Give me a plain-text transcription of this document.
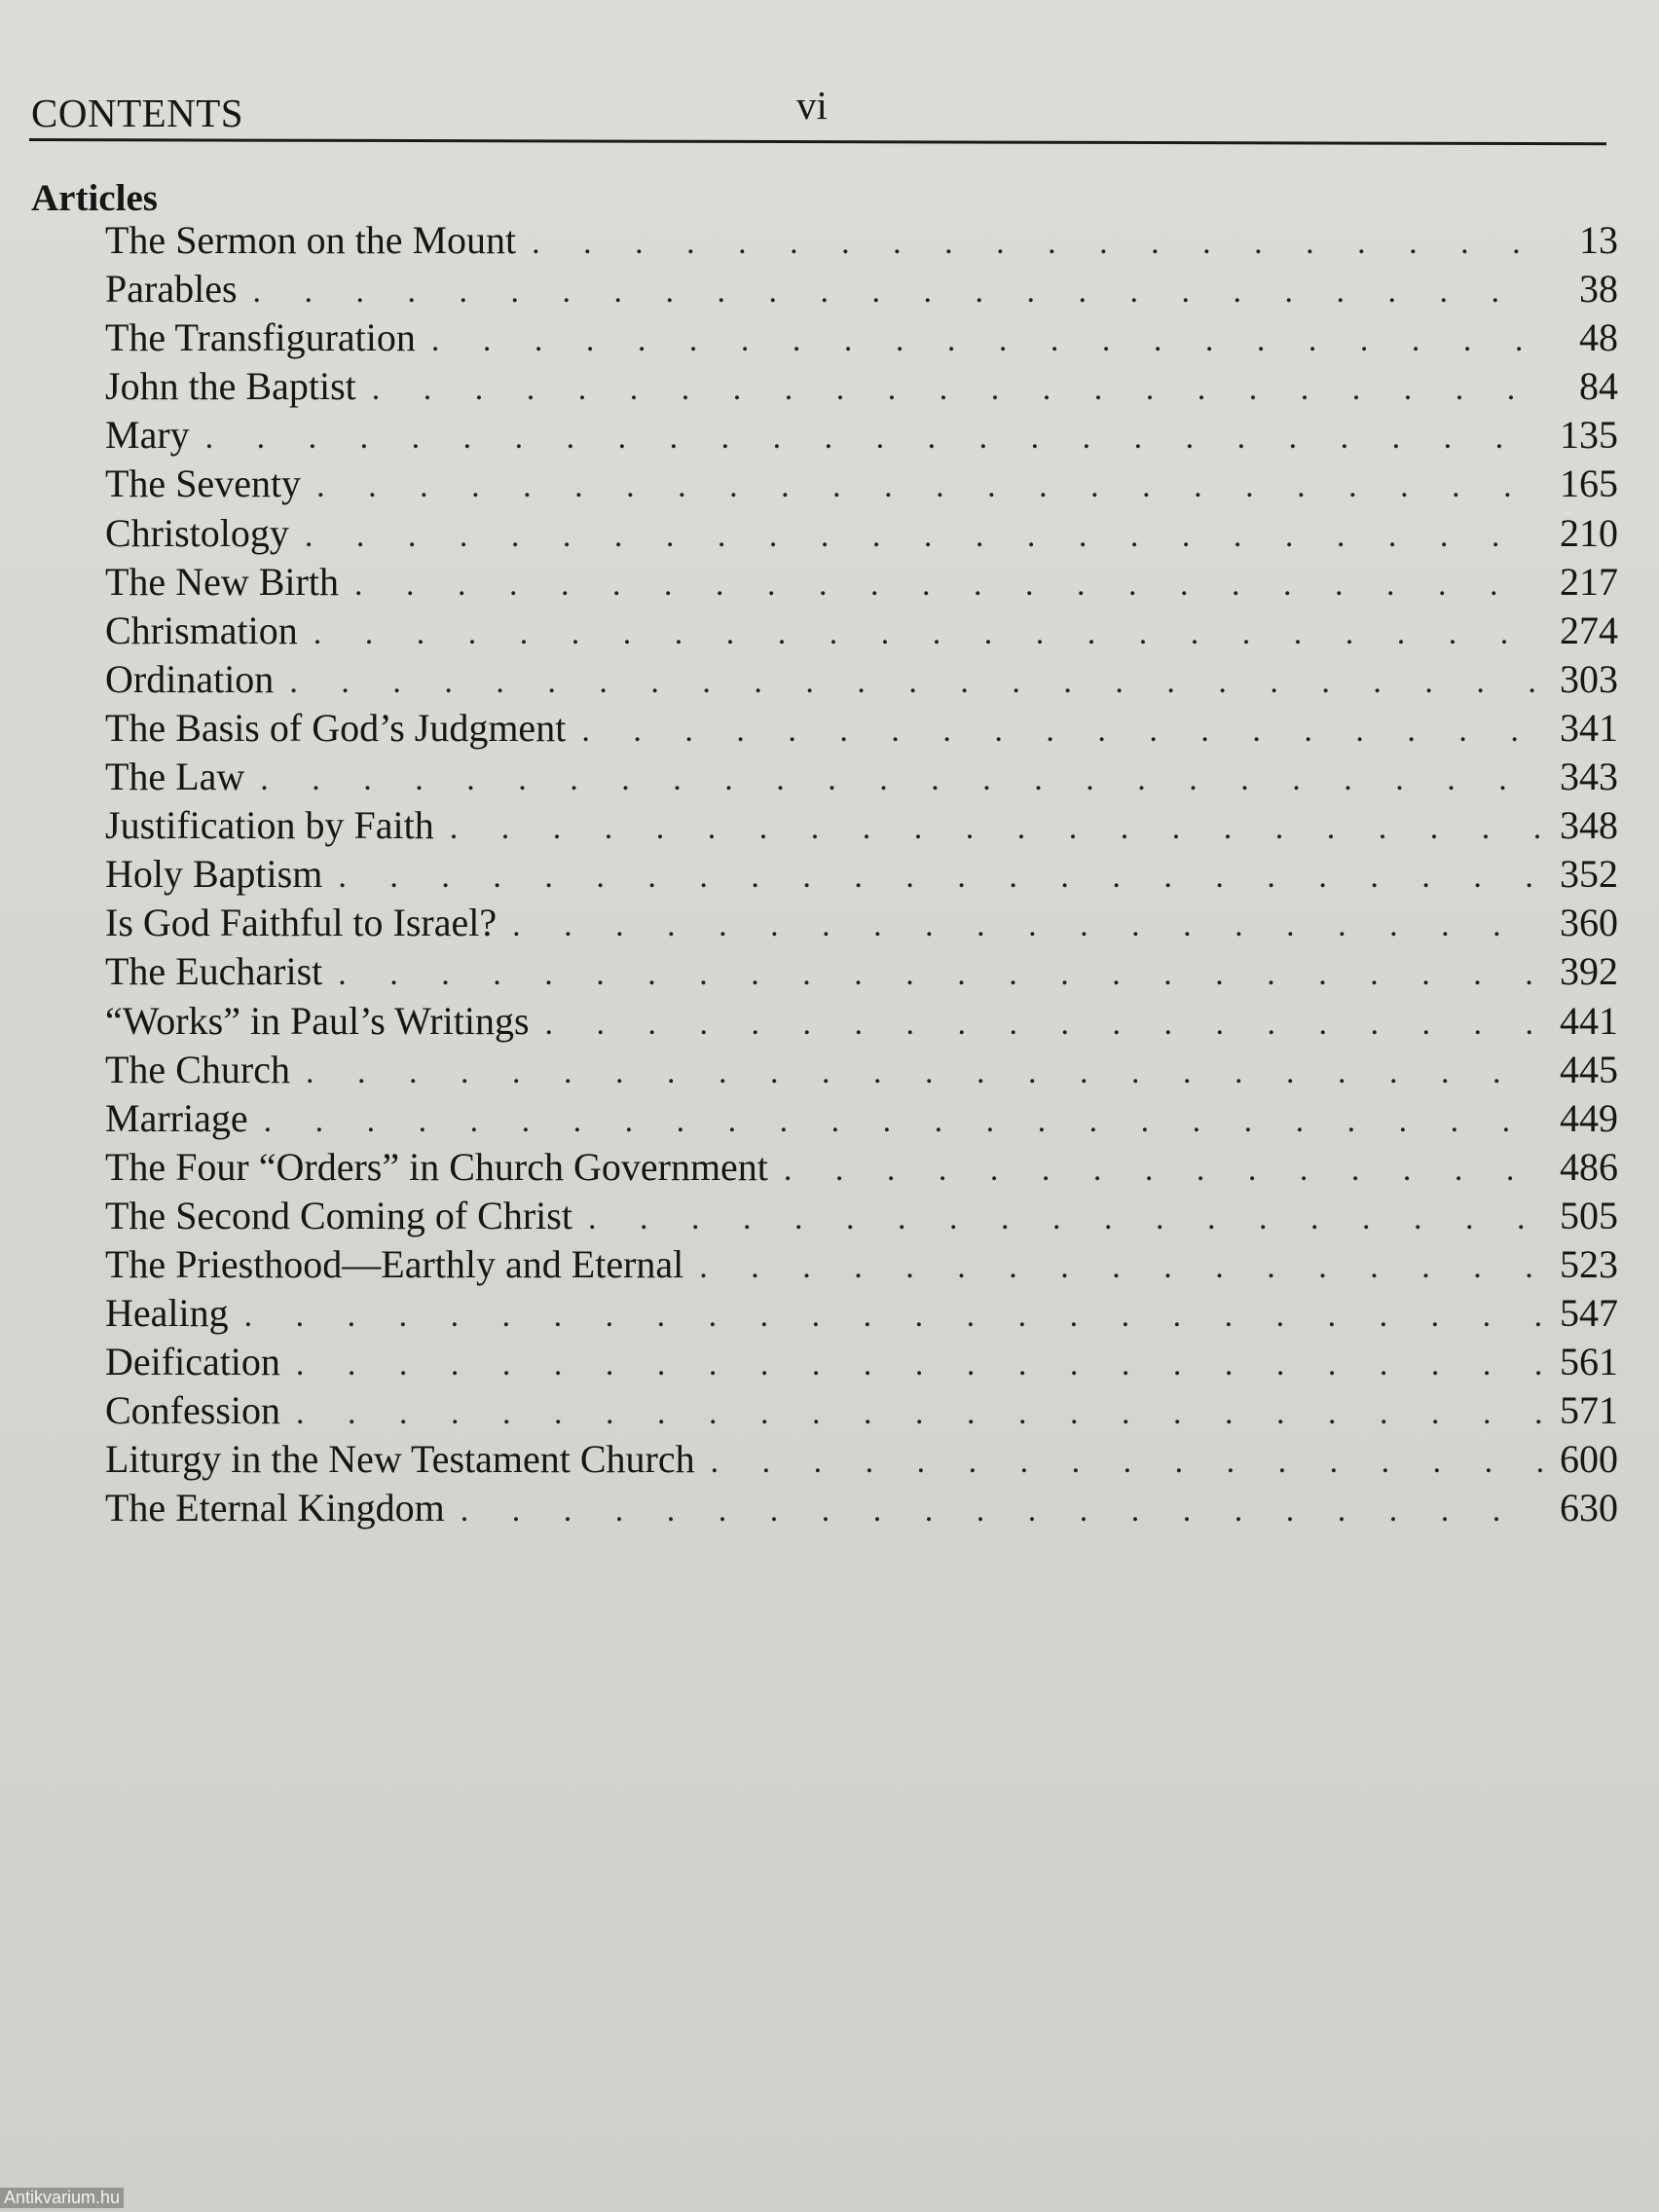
CONTENTS	vi
Articles
The Sermon on the Mount . . .	13
Parables . . .	38
The Transfiguration . . .	48
John the Baptist . . .	84
Mary . . .	135
The Seventy . . .	165
Christology . . .	210
The New Birth . . .	217
Chrismation . . .	274
Ordination . . .	303
The Basis of God’s Judgment . . .	341
The Law . . .	343
Justification by Faith . . .	348
Holy Baptism . . .	352
Is God Faithful to Israel? . . .	360
The Eucharist . . .	392
“Works” in Paul’s Writings . . .	441
The Church . . .	445
Marriage . . .	449
The Four “Orders” in Church Government . . .	486
The Second Coming of Christ . . .	505
The Priesthood—Earthly and Eternal . . .	523
Healing . . .	547
Deification . . .	561
Confession . . .	571
Liturgy in the New Testament Church . . .	600
The Eternal Kingdom . . .	630
Antikvarium.hu
